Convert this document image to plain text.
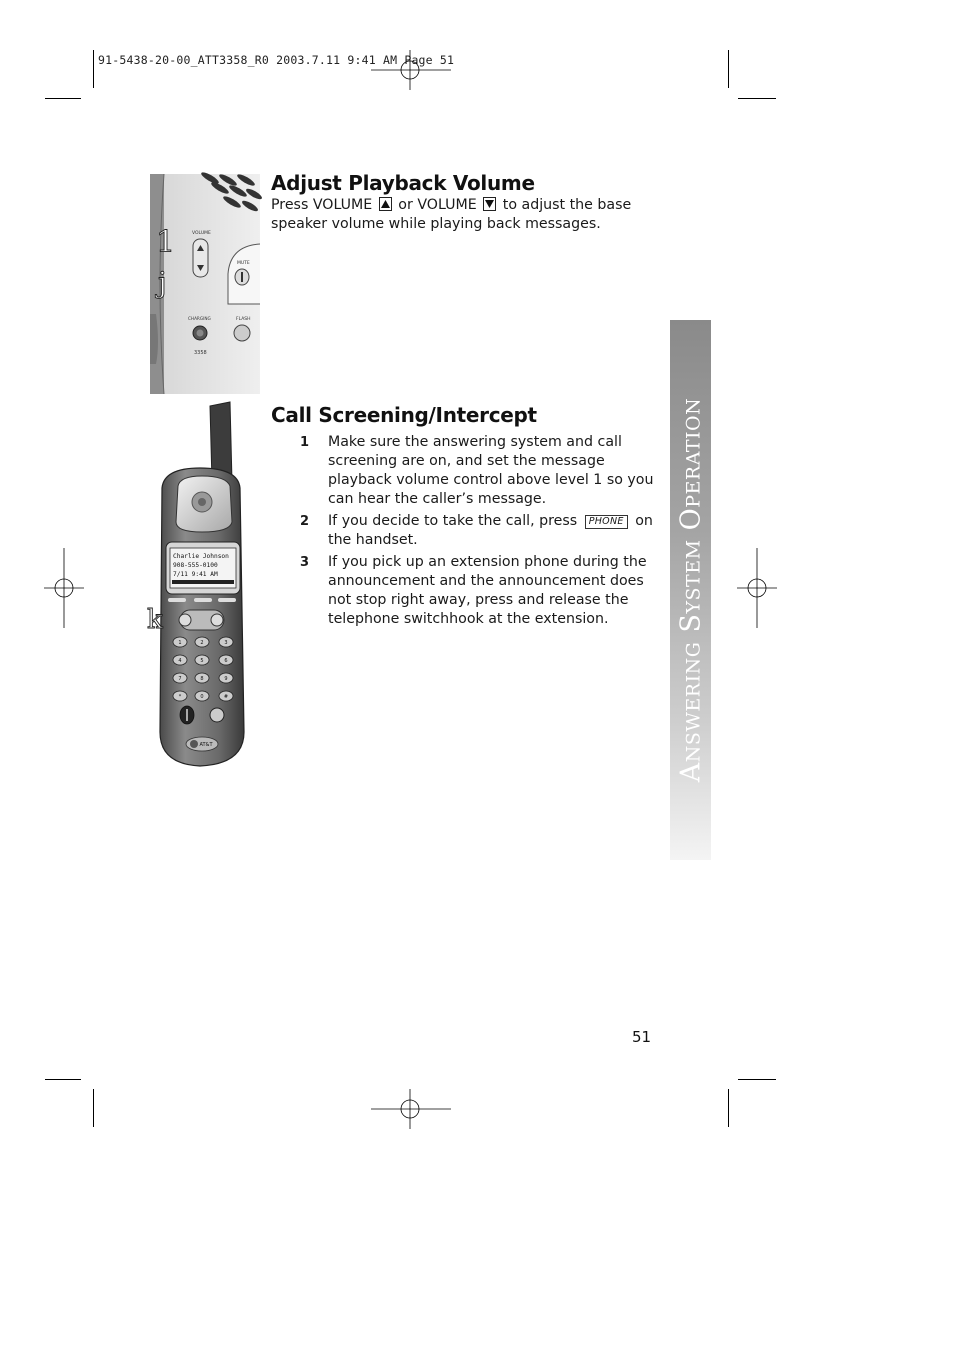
91-5438-20-00_ATT3358_R0 2003.7.11 9:41 AM Page 51
VOLUME
MUTE
CHARGING	FLASH
3358
1
j
Charlie Johnson
908-555-0100
7/11 9:41 AM
1	2	3
4	5	6
7	8	9
*	0	#
AT&T
k
Adjust Playback Volume
Press VOLUME or VOLUME to adjust the base speaker volume while playing back messages.
Call Screening/Intercept
1 Make sure the answering system and call screening are on, and set the message playback volume control above level 1 so you can hear the caller’s message.
2 If you decide to take the call, press PHONE on the handset.
3 If you pick up an extension phone during the announcement and the announcement does not stop right away, press and release the telephone switchhook at the extension.	Answering System Operation
51
